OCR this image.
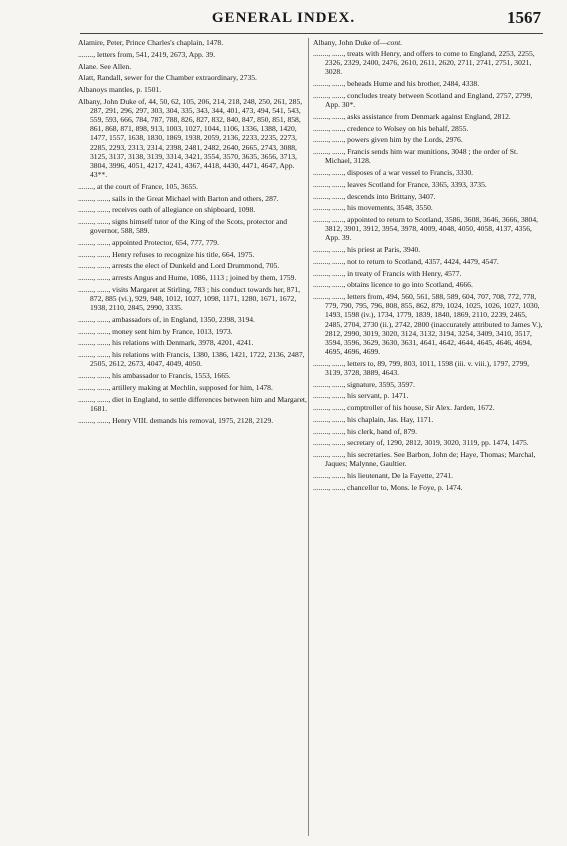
GENERAL INDEX.	1567
Alamire, Peter, Prince Charles's chaplain, 1478.
........, letters from, 541, 2419, 2673, App. 39.
Alane. See Allen.
Alatt, Randall, sewer for the Chamber extraordinary, 2735.
Albanoys mantles, p. 1501.
Albany, John Duke of, 44, 50, 62, 105, 206, 214, 218, 248, 250, 261, 285, 287, 291, 296, 297, 303, 304, 335, 343, 344, 401, 473, 494, 541, 543, 559, 593, 666, 784, 787, 788, 826, 827, 832, 840, 847, 850, 851, 858, 861, 868, 871, 898, 913, 1003, 1027, 1044, 1106, 1336, 1388, 1420, 1477, 1557, 1638, 1830, 1869, 1938, 2059, 2136, 2233, 2235, 2273, 2285, 2293, 2313, 2314, 2398, 2481, 2482, 2640, 2665, 2743, 3088, 3125, 3137, 3138, 3139, 3314, 3421, 3554, 3570, 3635, 3656, 3713, 3804, 3996, 4051, 4217, 4241, 4367, 4418, 4430, 4471, 4647, App. 43**.
........, at the court of France, 105, 3655.
........, ......, sails in the Great Michael with Barton and others, 287.
........, ......, receives oath of allegiance on shipboard, 1098.
........, ......, signs himself tutor of the King of the Scots, protector and governor, 588, 589.
........, ......, appointed Protector, 654, 777, 779.
........, ......, Henry refuses to recognize his title, 664, 1975.
........, ......, arrests the elect of Dunkeld and Lord Drummond, 705.
........, ......, arrests Angus and Hume, 1086, 1113 ; joined by them, 1759.
........, ......, visits Margaret at Stirling, 783 ; his conduct towards her, 871, 872, 885 (vi.), 929, 948, 1012, 1027, 1098, 1171, 1280, 1671, 1672, 1938, 2110, 2845, 2990, 3335.
........, ......, ambassadors of, in England, 1350, 2398, 3194.
........, ......, money sent him by France, 1013, 1973.
........, ......, his relations with Denmark, 3978, 4201, 4241.
........, ......, his relations with Francis, 1380, 1386, 1421, 1722, 2136, 2487, 2505, 2612, 2673, 4047, 4049, 4050.
........, ......, his ambassador to Francis, 1553, 1665.
........, ......, artillery making at Mechlin, supposed for him, 1478.
........, ......, diet in England, to settle differences between him and Margaret, 1681.
........, ......, Henry VIII. demands his removal, 1975, 2128, 2129.
Albany, John Duke of—cont.
........, ......, treats with Henry, and offers to come to England, 2253, 2255, 2326, 2329, 2400, 2476, 2610, 2611, 2620, 2711, 2741, 2751, 3021, 3028.
........, ......, beheads Hume and his brother, 2484, 4338.
........, ......, concludes treaty between Scotland and England, 2757, 2799, App. 30*.
........, ......, asks assistance from Denmark against England, 2812.
........, ......, credence to Wolsey on his behalf, 2855.
........, ......, powers given him by the Lords, 2976.
........, ......, Francis sends him war munitions, 3048 ; the order of St. Michael, 3128.
........, ......, disposes of a war vessel to Francis, 3330.
........, ......, leaves Scotland for France, 3365, 3393, 3735.
........, ......, descends into Brittany, 3407.
........, ......, his movements, 3548, 3550.
........, ......, appointed to return to Scotland, 3586, 3608, 3646, 3666, 3804, 3812, 3901, 3912, 3954, 3978, 4009, 4048, 4050, 4058, 4137, 4356, App. 39.
........, ......, his priest at Paris, 3940.
........, ......, not to return to Scotland, 4357, 4424, 4479, 4547.
........, ......, in treaty of Francis with Henry, 4577.
........, ......, obtains licence to go into Scotland, 4666.
........, ......, letters from, 494, 560, 561, 588, 589, 604, 707, 708, 772, 778, 779, 790, 795, 796, 808, 855, 862, 879, 1024, 1025, 1026, 1027, 1030, 1493, 1598 (iv.), 1734, 1779, 1839, 1840, 1869, 2110, 2239, 2465, 2485, 2704, 2730 (ii.), 2742, 2800 (inaccurately attributed to James V.), 2812, 2990, 3019, 3020, 3124, 3132, 3194, 3254, 3409, 3410, 3517, 3594, 3596, 3629, 3630, 3631, 4641, 4642, 4644, 4645, 4646, 4694, 4695, 4696, 4699.
........, ......, letters to, 89, 799, 803, 1011, 1598 (iii. v. viii.), 1797, 2799, 3139, 3728, 3889, 4643.
........, ......, signature, 3595, 3597.
........, ......, his servant, p. 1471.
........, ......, comptroller of his house, Sir Alex. Jarden, 1672.
........, ......, his chaplain, Jas. Hay, 1171.
........, ......, his clerk, hand of, 879.
........, ......, secretary of, 1290, 2812, 3019, 3020, 3119, pp. 1474, 1475.
........, ......, his secretaries. See Barbon, John de; Haye, Thomas; Marchal, Jaques; Malynne, Gaultier.
........, ......, his lieutenant, De la Fayette, 2741.
........, ......, chancellor to, Mons. le Foye, p. 1474.
